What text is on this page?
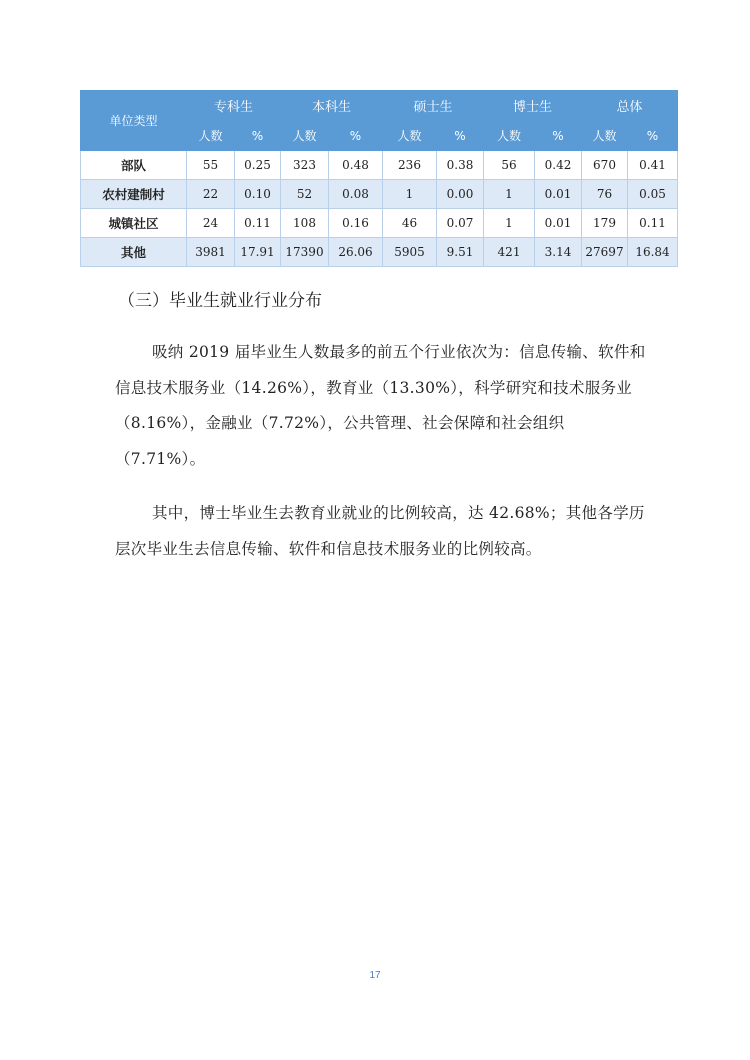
单位类型	专科生		本科生		硕士生		博士生		总体	
	人数	%	人数	%	人数	%	人数	%	人数	%
部队	55	0.25	323	0.48	236	0.38	56	0.42	670	0.41
农村建制村	22	0.10	52	0.08	1	0.00	1	0.01	76	0.05
城镇社区	24	0.11	108	0.16	46	0.07	1	0.01	179	0.11
其他	3981	17.91	17390	26.06	5905	9.51	421	3.14	27697	16.84
（三）毕业生就业行业分布
吸纳 2019 届毕业生人数最多的前五个行业依次为：信息传输、软件和信息技术服务业（14.26%），教育业（13.30%），科学研究和技术服务业（8.16%），金融业（7.72%），公共管理、社会保障和社会组织（7.71%）。
其中，博士毕业生去教育业就业的比例较高，达 42.68%；其他各学历层次毕业生去信息传输、软件和信息技术服务业的比例较高。
17
